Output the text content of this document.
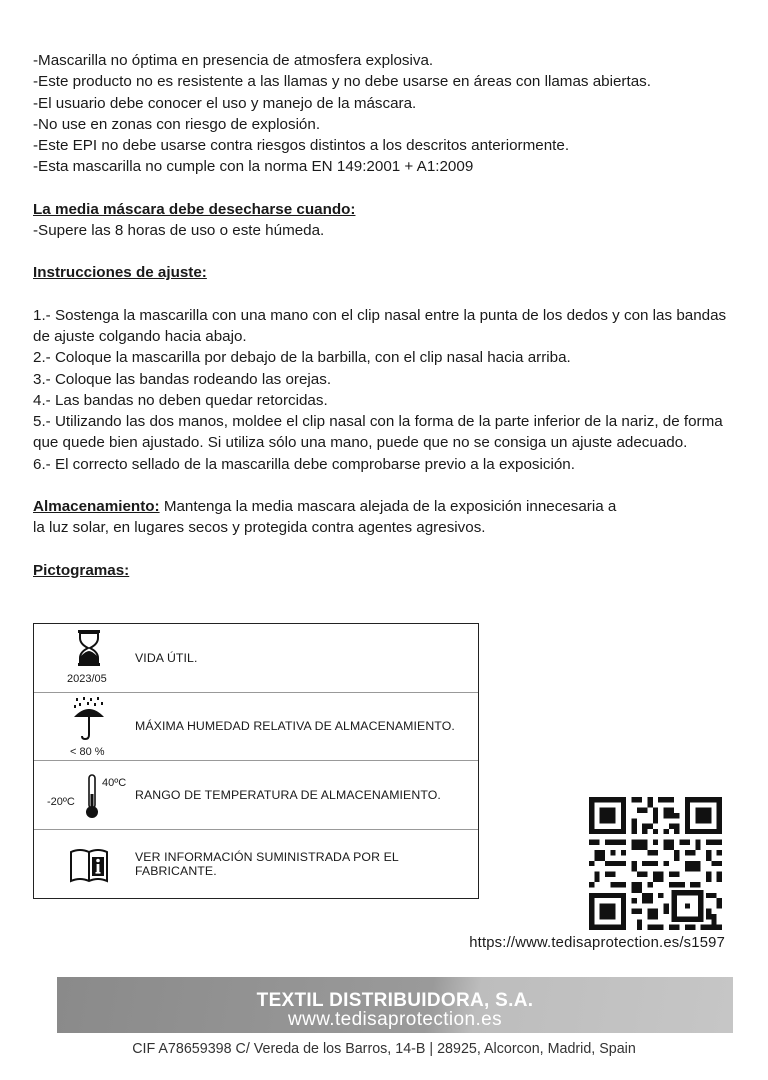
-Mascarilla no óptima en presencia de atmosfera explosiva.

-Este producto no es resistente a las llamas y no debe usarse en áreas con llamas abiertas.

-El usuario debe conocer el uso y manejo de la máscara.

-No use en zonas con riesgo de explosión.

-Este EPI no debe usarse contra riesgos distintos a los descritos anteriormente.

-Esta mascarilla no cumple con la norma EN 149:2001 + A1:2009

La media máscara debe desecharse cuando:

-Supere las 8 horas de uso o este húmeda.

Instrucciones de ajuste:

1.- Sostenga la mascarilla con una mano con el clip nasal entre la punta de los dedos y con las bandas de ajuste colgando hacia abajo.

2.- Coloque la mascarilla por debajo de la barbilla, con el clip nasal hacia arriba.

3.- Coloque las bandas rodeando las orejas.

4.- Las bandas no deben quedar retorcidas.

5.- Utilizando las dos manos, moldee el clip nasal con la forma de la parte inferior de la nariz, de forma que quede bien ajustado. Si utiliza sólo una mano, puede que no se consiga un ajuste adecuado.

6.- El correcto sellado de la mascarilla debe comprobarse previo a la exposición.

Almacenamiento: Mantenga la media mascara alejada de la exposición innecesaria a

la luz solar, en lugares secos y protegida contra agentes agresivos.

Pictogramas:

2023/05
VIDA ÚTIL.
< 80 %
MÁXIMA HUMEDAD RELATIVA DE ALMACENAMIENTO.
40ºC
-20ºC
RANGO DE TEMPERATURA DE ALMACENAMIENTO.
VER INFORMACIÓN SUMINISTRADA POR EL FABRICANTE.
https://www.tedisaprotection.es/s1597
TEXTIL DISTRIBUIDORA, S.A.
www.tedisaprotection.es
CIF A78659398 C/ Vereda de los Barros, 14-B | 28925, Alcorcon, Madrid, Spain
